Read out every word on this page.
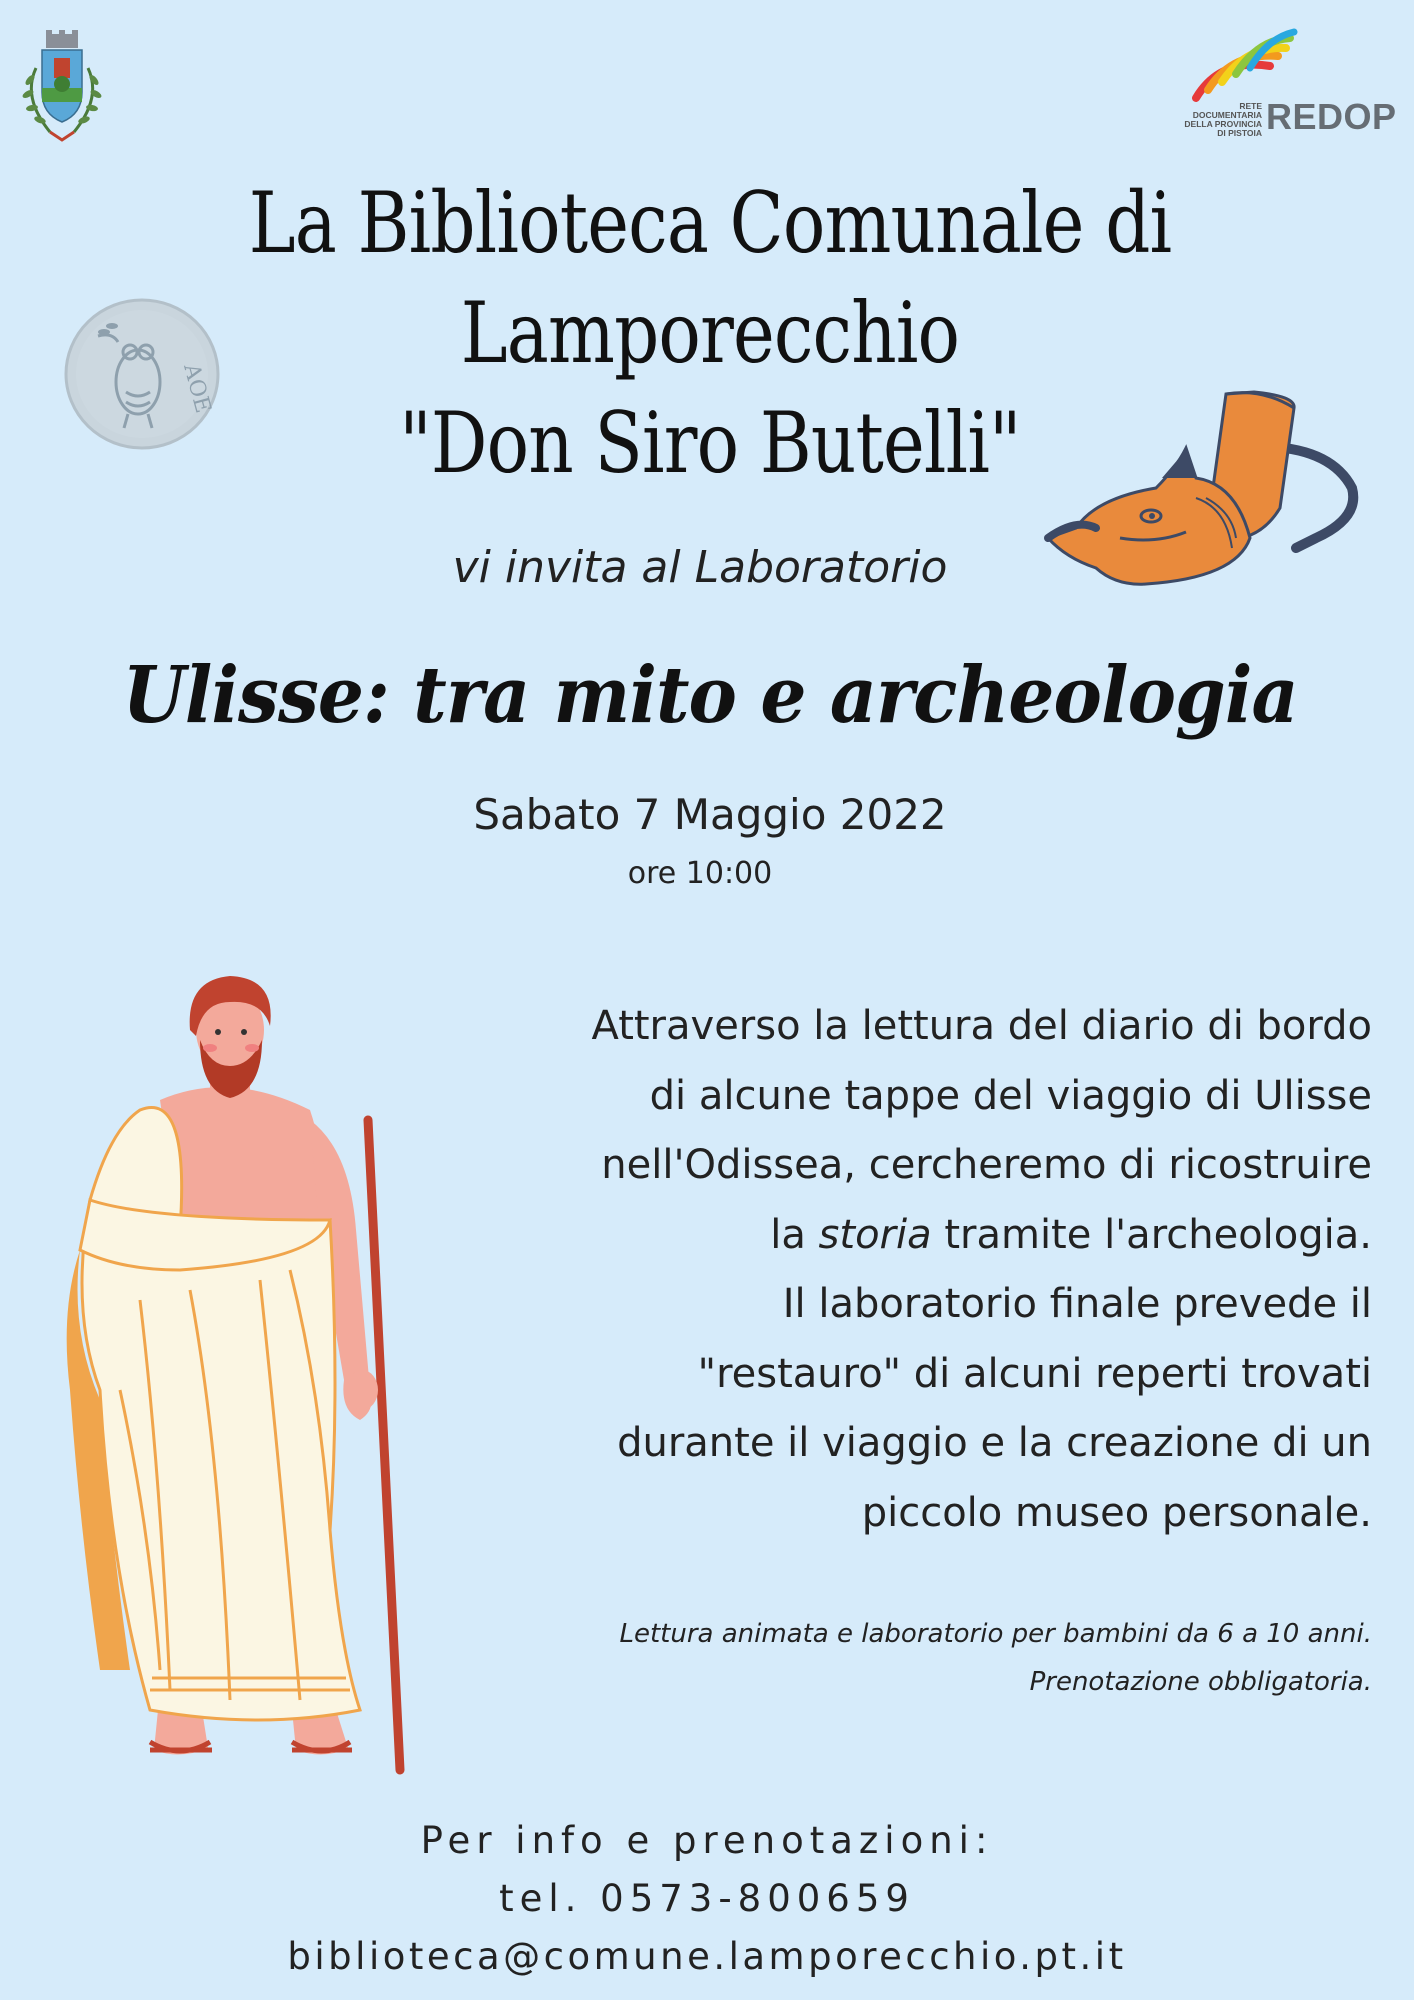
RETE
DOCUMENTARIA
DELLA PROVINCIA
DI PISTOIA REDOP
AOE
La Biblioteca Comunale di
Lamporecchio
"Don Siro Butelli"
vi invita al Laboratorio
Ulisse: tra mito e archeologia
Sabato 7 Maggio 2022
ore 10:00
Attraverso la lettura del diario di bordo
di alcune tappe del viaggio di Ulisse
nell'Odissea, cercheremo di ricostruire
la storia tramite l'archeologia.
Il laboratorio finale prevede il
"restauro" di alcuni reperti trovati
durante il viaggio e la creazione di un
piccolo museo personale.
Lettura animata e laboratorio per bambini da 6 a 10 anni.
Prenotazione obbligatoria.
Per info e prenotazioni:
tel. 0573-800659
biblioteca@comune.lamporecchio.pt.it
